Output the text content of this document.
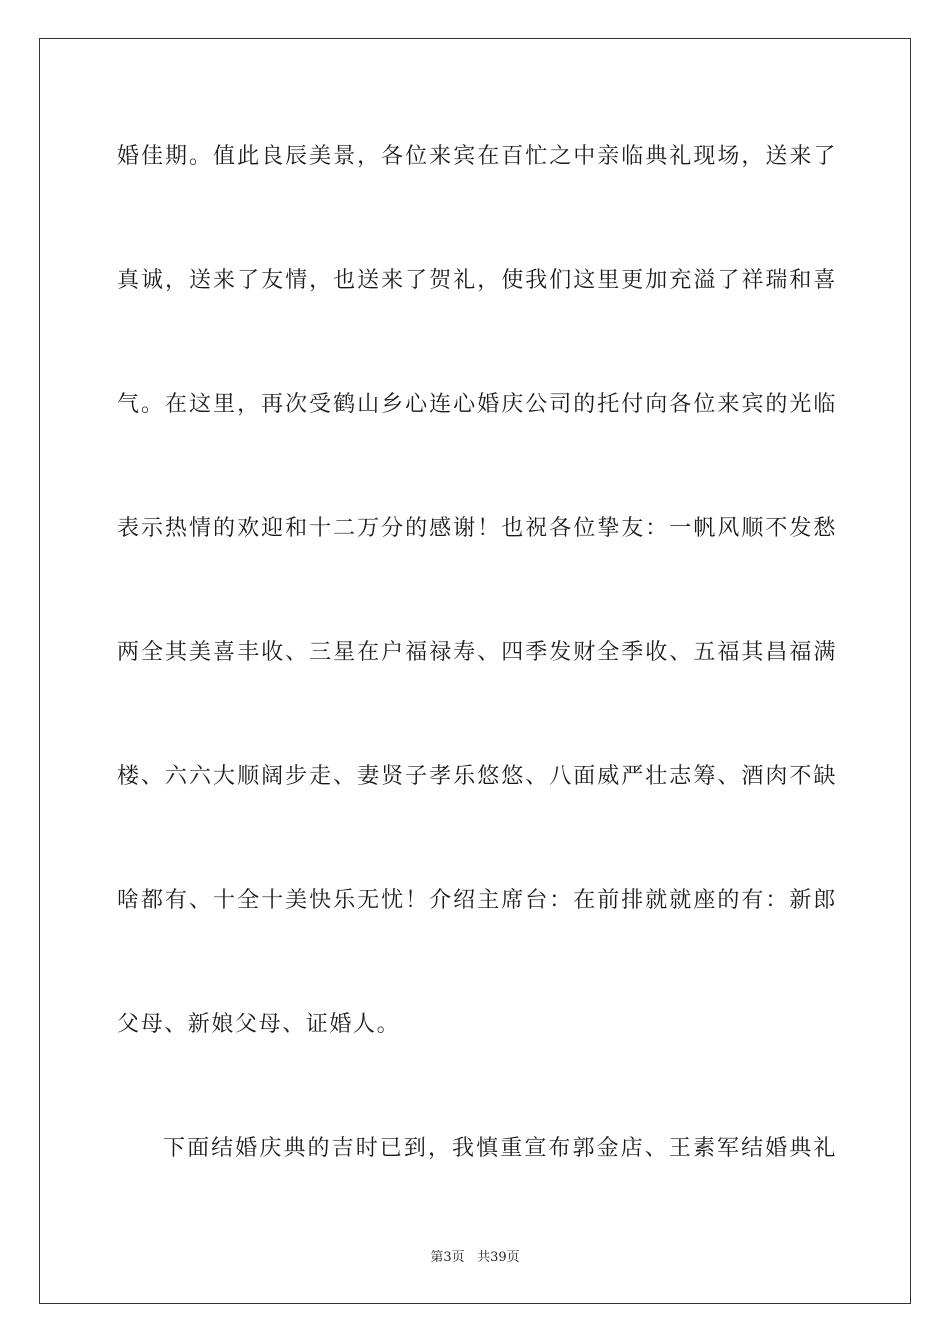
婚佳期。值此良辰美景，各位来宾在百忙之中亲临典礼现场，送来了
真诚，送来了友情，也送来了贺礼，使我们这里更加充溢了祥瑞和喜
气。在这里，再次受鹤山乡心连心婚庆公司的托付向各位来宾的光临
表示热情的欢迎和十二万分的感谢！也祝各位挚友：一帆风顺不发愁
两全其美喜丰收、三星在户福禄寿、四季发财全季收、五福其昌福满
楼、六六大顺阔步走、妻贤子孝乐悠悠、八面威严壮志筹、酒肉不缺
啥都有、十全十美快乐无忧！介绍主席台：在前排就就座的有：新郎
父母、新娘父母、证婚人。
下面结婚庆典的吉时已到，我慎重宣布郭金店、王素军结婚典礼
第3页 共39页
